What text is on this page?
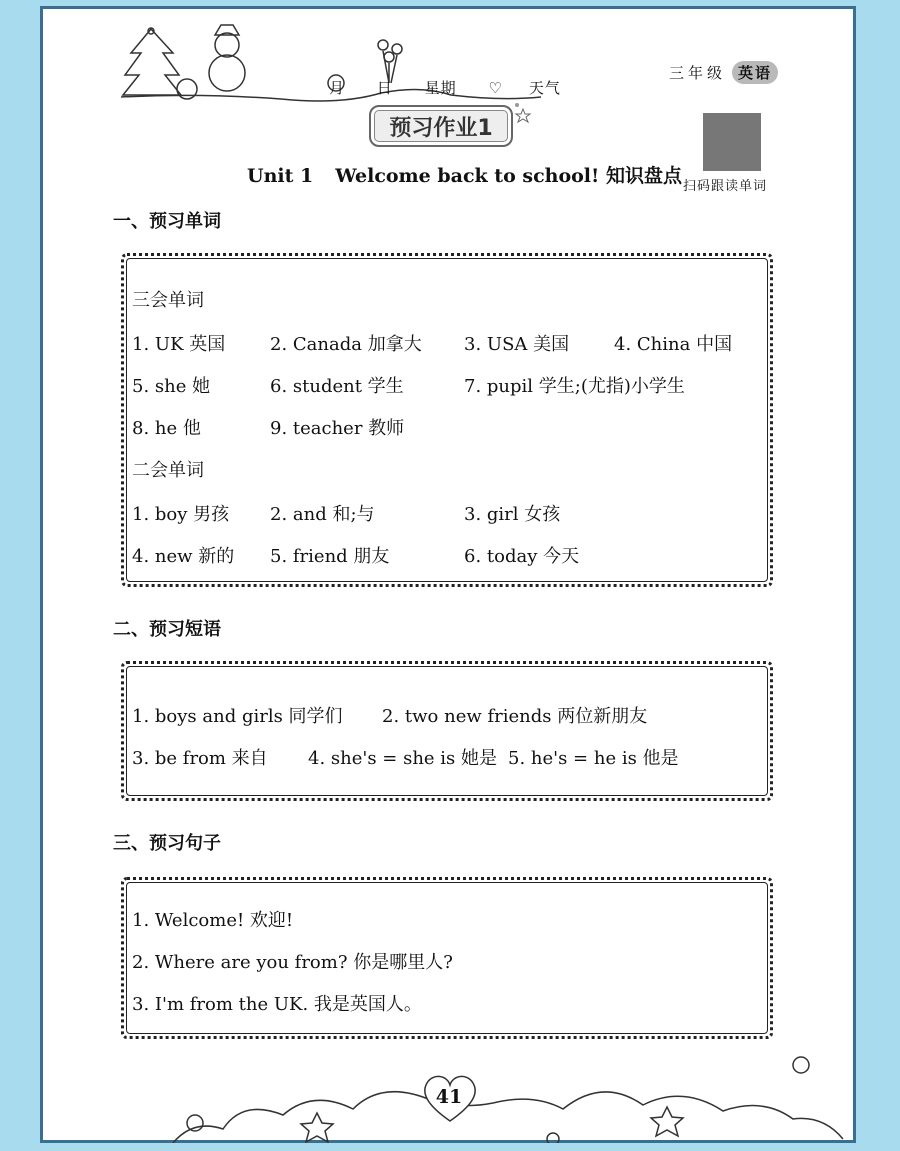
月 日 星期 ♡ 天气
三年级 英语
预习作业1
Unit 1 Welcome back to school! 知识盘点 扫码跟读单词
一、预习单词
三会单词
1. UK 英国 2. Canada 加拿大 3. USA 美国 4. China 中国
5. she 她	6. student 学生	7. pupil 学生;(尤指)小学生
8. he 他	9. teacher 教师
二会单词
1. boy 男孩 2. and 和;与	3. girl 女孩
4. new 新的 5. friend 朋友	6. today 今天
二、预习短语
1. boys and girls 同学们 2. two new friends 两位新朋友
3. be from 来自 4. she's = she is 她是 5. he's = he is 他是
三、预习句子
1. Welcome! 欢迎!
2. Where are you from? 你是哪里人?
3. I'm from the UK. 我是英国人。
41
